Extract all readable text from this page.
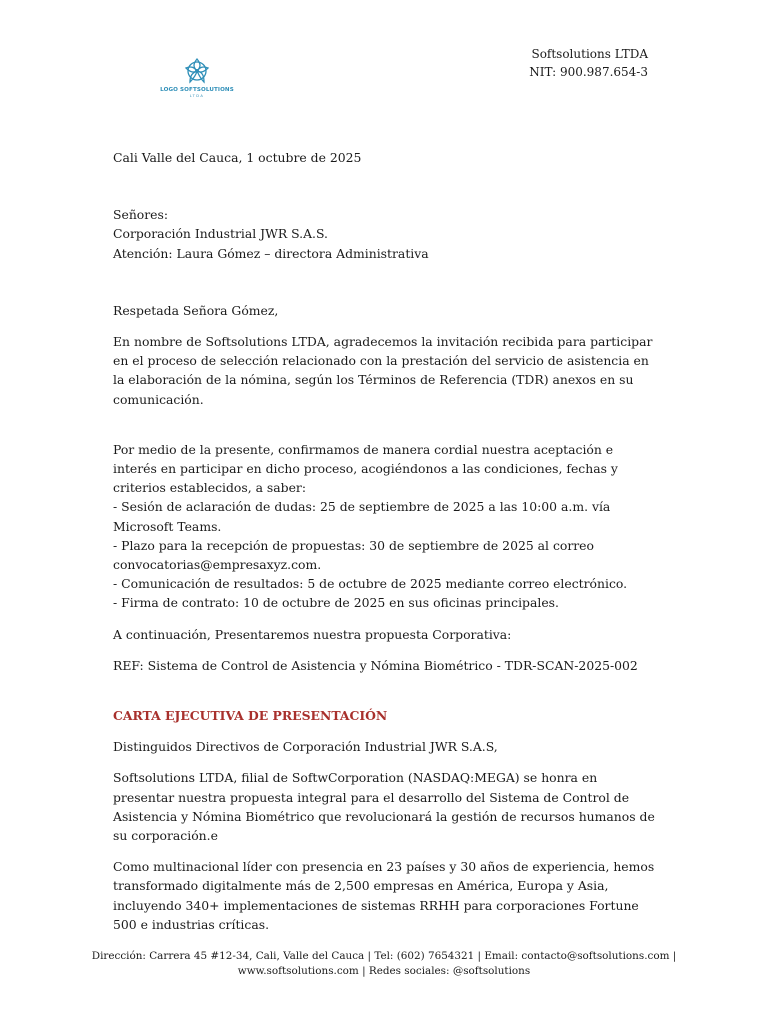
LOGO SOFTSOLUTIONS
LTDA
Softsolutions LTDA
NIT: 900.987.654-3

Cali Valle del Cauca, 1 octubre de 2025

Señores:

Corporación Industrial JWR S.A.S.

Atención: Laura Gómez – directora Administrativa

Respetada Señora Gómez,

En nombre de Softsolutions LTDA, agradecemos la invitación recibida para participar en el proceso de selección relacionado con la prestación del servicio de asistencia en la elaboración de la nómina, según los Términos de Referencia (TDR) anexos en su comunicación.

Por medio de la presente, confirmamos de manera cordial nuestra aceptación e interés en participar en dicho proceso, acogiéndonos a las condiciones, fechas y criterios establecidos, a saber:

- Sesión de aclaración de dudas: 25 de septiembre de 2025 a las 10:00 a.m. vía Microsoft Teams.

- Plazo para la recepción de propuestas: 30 de septiembre de 2025 al correo convocatorias@empresaxyz.com.

- Comunicación de resultados: 5 de octubre de 2025 mediante correo electrónico.

- Firma de contrato: 10 de octubre de 2025 en sus oficinas principales.

A continuación, Presentaremos nuestra propuesta Corporativa:

REF: Sistema de Control de Asistencia y Nómina Biométrico - TDR-SCAN-2025-002

CARTA EJECUTIVA DE PRESENTACIÓN

Distinguidos Directivos de Corporación Industrial JWR S.A.S,

Softsolutions LTDA, filial de SoftwCorporation (NASDAQ:MEGA) se honra en presentar nuestra propuesta integral para el desarrollo del Sistema de Control de Asistencia y Nómina Biométrico que revolucionará la gestión de recursos humanos de su corporación.e

Como multinacional líder con presencia en 23 países y 30 años de experiencia, hemos transformado digitalmente más de 2,500 empresas en América, Europa y Asia, incluyendo 340+ implementaciones de sistemas RRHH para corporaciones Fortune 500 e industrias críticas.

Dirección: Carrera 45 #12-34, Cali, Valle del Cauca | Tel: (602) 7654321 | Email: contacto@softsolutions.com |
www.softsolutions.com | Redes sociales: @softsolutions
